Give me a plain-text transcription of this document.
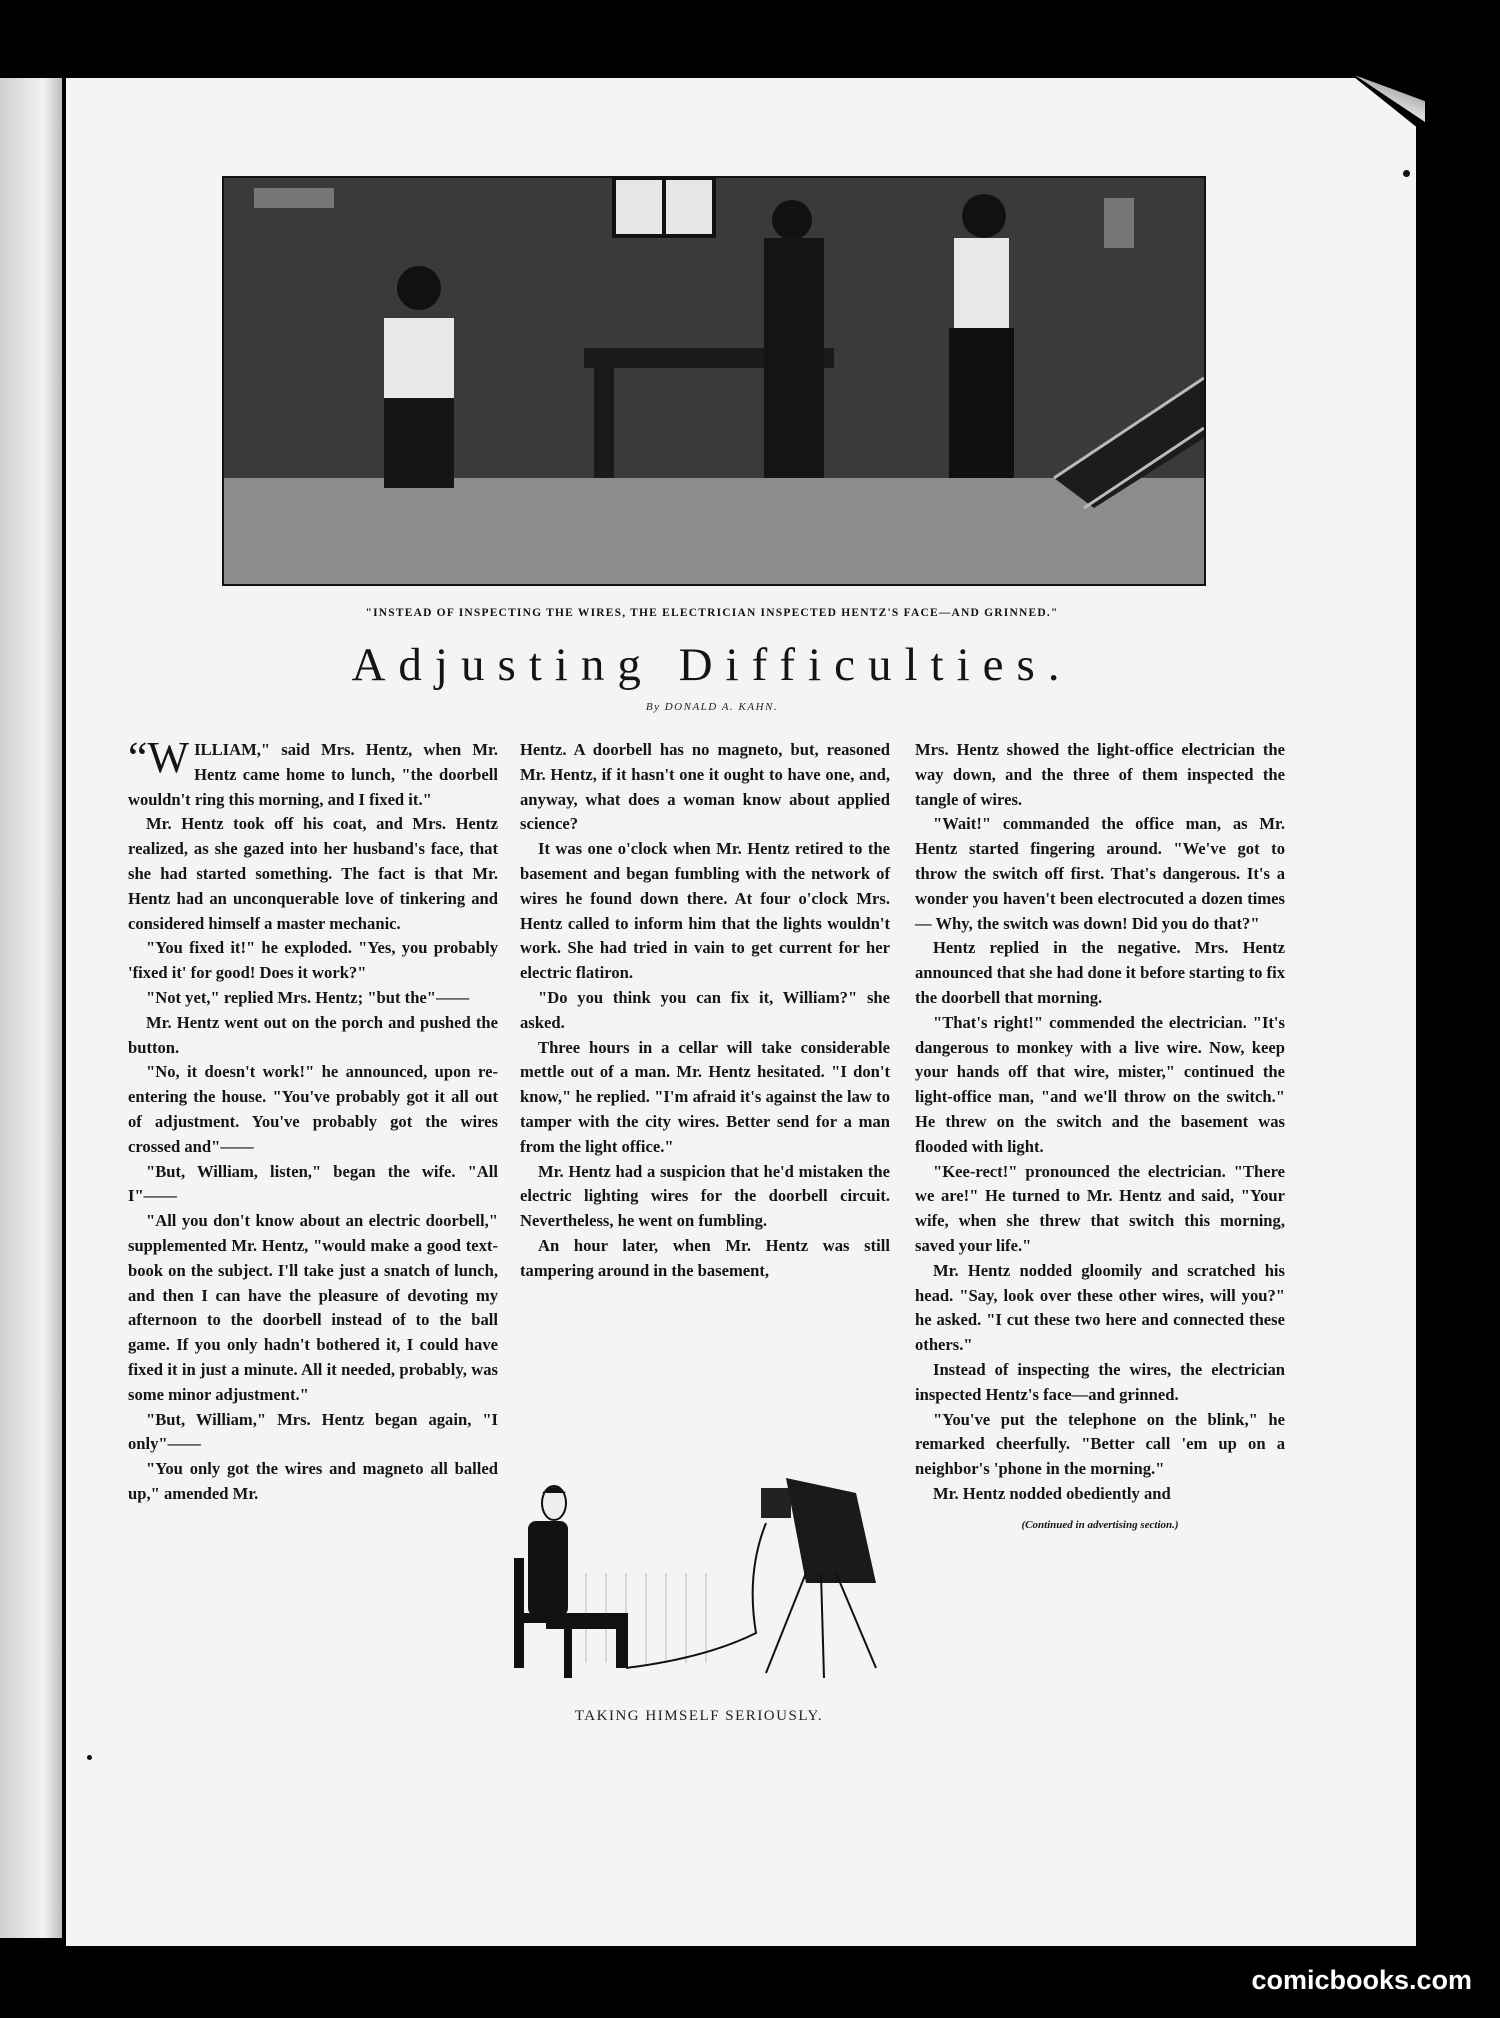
"INSTEAD OF INSPECTING THE WIRES, THE ELECTRICIAN INSPECTED HENTZ'S FACE—AND GRINNED."
Adjusting Difficulties.
By DONALD A. KAHN.

“WILLIAM," said Mrs. Hentz, when Mr. Hentz came home to lunch, "the doorbell wouldn't ring this morning, and I fixed it."

Mr. Hentz took off his coat, and Mrs. Hentz realized, as she gazed into her husband's face, that she had started something. The fact is that Mr. Hentz had an unconquerable love of tinkering and considered himself a master mechanic.

"You fixed it!" he exploded. "Yes, you probably 'fixed it' for good! Does it work?"

"Not yet," replied Mrs. Hentz; "but the"——

Mr. Hentz went out on the porch and pushed the button.

"No, it doesn't work!" he announced, upon re-entering the house. "You've probably got it all out of adjustment. You've probably got the wires crossed and"——

"But, William, listen," began the wife. "All I"——

"All you don't know about an electric doorbell," supplemented Mr. Hentz, "would make a good text-book on the subject. I'll take just a snatch of lunch, and then I can have the pleasure of devoting my afternoon to the doorbell instead of to the ball game. If you only hadn't bothered it, I could have fixed it in just a minute. All it needed, probably, was some minor adjustment."

"But, William," Mrs. Hentz began again, "I only"——

"You only got the wires and magneto all balled up," amended Mr.

Hentz. A doorbell has no magneto, but, reasoned Mr. Hentz, if it hasn't one it ought to have one, and, anyway, what does a woman know about applied science?

It was one o'clock when Mr. Hentz retired to the basement and began fumbling with the network of wires he found down there. At four o'clock Mrs. Hentz called to inform him that the lights wouldn't work. She had tried in vain to get current for her electric flatiron.

"Do you think you can fix it, William?" she asked.

Three hours in a cellar will take considerable mettle out of a man. Mr. Hentz hesitated. "I don't know," he replied. "I'm afraid it's against the law to tamper with the city wires. Better send for a man from the light office."

Mr. Hentz had a suspicion that he'd mistaken the electric lighting wires for the doorbell circuit. Nevertheless, he went on fumbling.

An hour later, when Mr. Hentz was still tampering around in the basement,

Mrs. Hentz showed the light-office electrician the way down, and the three of them inspected the tangle of wires.

"Wait!" commanded the office man, as Mr. Hentz started fingering around. "We've got to throw the switch off first. That's dangerous. It's a wonder you haven't been electrocuted a dozen times — Why, the switch was down! Did you do that?"

Hentz replied in the negative. Mrs. Hentz announced that she had done it before starting to fix the doorbell that morning.

"That's right!" commended the electrician. "It's dangerous to monkey with a live wire. Now, keep your hands off that wire, mister," continued the light-office man, "and we'll throw on the switch." He threw on the switch and the basement was flooded with light.

"Kee-rect!" pronounced the electrician. "There we are!" He turned to Mr. Hentz and said, "Your wife, when she threw that switch this morning, saved your life."

Mr. Hentz nodded gloomily and scratched his head. "Say, look over these other wires, will you?" he asked. "I cut these two here and connected these others."

Instead of inspecting the wires, the electrician inspected Hentz's face—and grinned.

"You've put the telephone on the blink," he remarked cheerfully. "Better call 'em up on a neighbor's 'phone in the morning."

Mr. Hentz nodded obediently and

(Continued in advertising section.)

TAKING HIMSELF SERIOUSLY.
comicbooks.com
